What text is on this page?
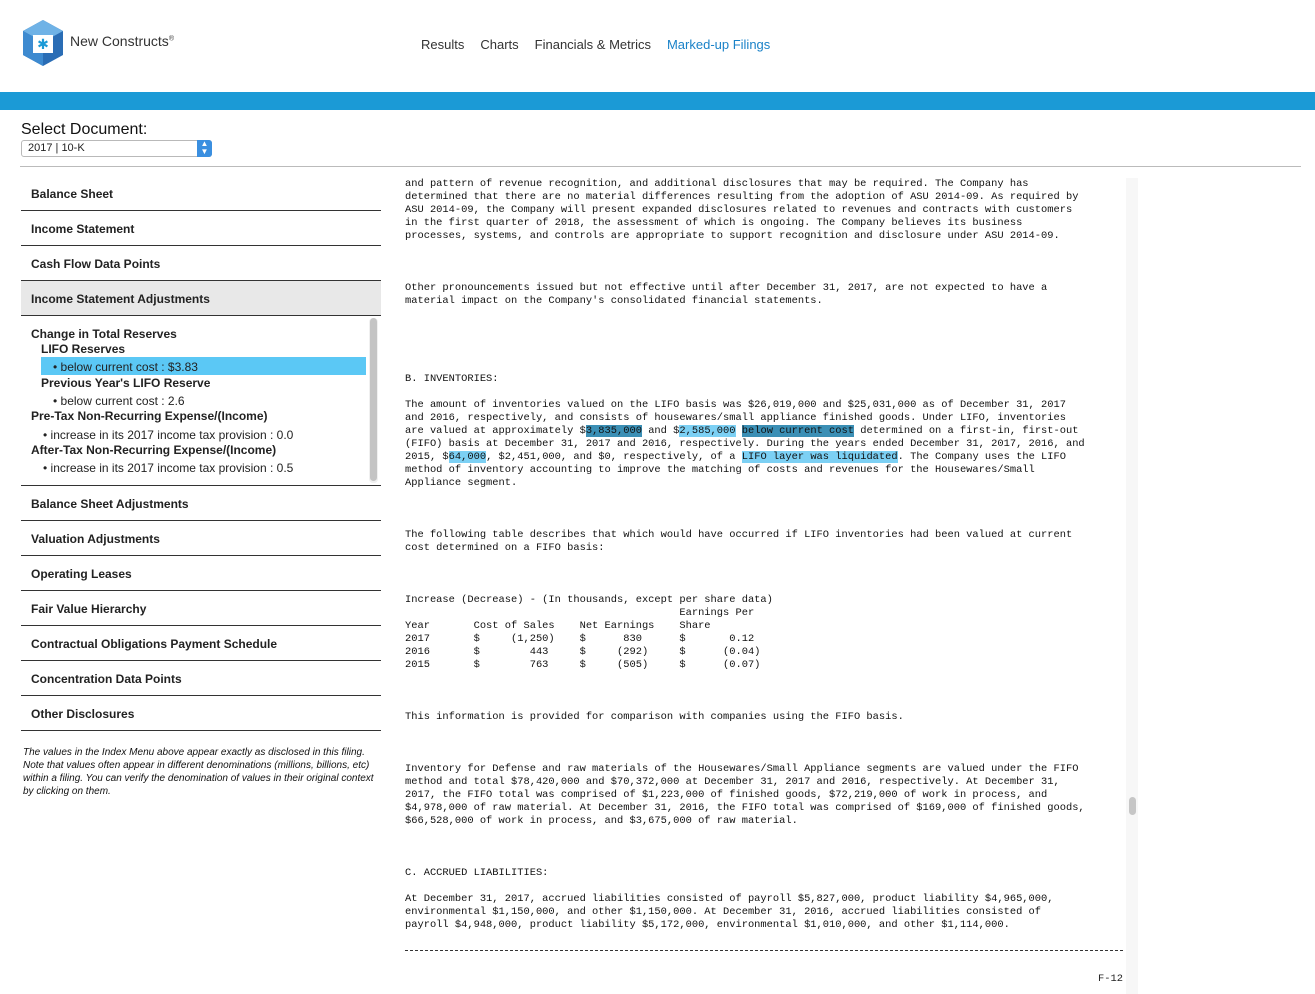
✱ New Constructs®	Results Charts Financials & Metrics Marked-up Filings
Select Document:
2017 | 10-K	▲
▼
Balance Sheet
Income Statement
Cash Flow Data Points
Income Statement Adjustments
Change in Total Reserves
LIFO Reserves
• below current cost : $3.83
Previous Year's LIFO Reserve
• below current cost : 2.6
Pre-Tax Non-Recurring Expense/(Income)
• increase in its 2017 income tax provision : 0.0
After-Tax Non-Recurring Expense/(Income)
• increase in its 2017 income tax provision : 0.5
Balance Sheet Adjustments
Valuation Adjustments
Operating Leases
Fair Value Hierarchy
Contractual Obligations Payment Schedule
Concentration Data Points
Other Disclosures
The values in the Index Menu above appear exactly as disclosed in this filing. Note that values often appear in different denominations (millions, billions, etc) within a filing. You can verify the denomination of values in their original context by clicking on them.

and pattern of revenue recognition, and additional disclosures that may be required. The Company has

determined that there are no material differences resulting from the adoption of ASU 2014-09. As required by

ASU 2014-09, the Company will present expanded disclosures related to revenues and contracts with customers

in the first quarter of 2018, the assessment of which is ongoing. The Company believes its business

processes, systems, and controls are appropriate to support recognition and disclosure under ASU 2014-09.

Other pronouncements issued but not effective until after December 31, 2017, are not expected to have a

material impact on the Company's consolidated financial statements.

B. INVENTORIES:

The amount of inventories valued on the LIFO basis was $26,019,000 and $25,031,000 as of December 31, 2017

and 2016, respectively, and consists of housewares/small appliance finished goods. Under LIFO, inventories

are valued at approximately $3,835,000 and $2,585,000 below current cost determined on a first-in, first-out

(FIFO) basis at December 31, 2017 and 2016, respectively. During the years ended December 31, 2017, 2016, and

2015, $64,000, $2,451,000, and $0, respectively, of a LIFO layer was liquidated. The Company uses the LIFO

method of inventory accounting to improve the matching of costs and revenues for the Housewares/Small

Appliance segment.

The following table describes that which would have occurred if LIFO inventories had been valued at current

cost determined on a FIFO basis:

Increase (Decrease) - (In thousands, except per share data)

Earnings Per

Year       Cost of Sales    Net Earnings    Share

2017       $     (1,250)    $      830      $       0.12

2016       $        443     $     (292)     $      (0.04)

2015       $        763     $     (505)     $      (0.07)

This information is provided for comparison with companies using the FIFO basis.

Inventory for Defense and raw materials of the Housewares/Small Appliance segments are valued under the FIFO

method and total $78,420,000 and $70,372,000 at December 31, 2017 and 2016, respectively. At December 31,

2017, the FIFO total was comprised of $1,223,000 of finished goods, $72,219,000 of work in process, and

$4,978,000 of raw material. At December 31, 2016, the FIFO total was comprised of $169,000 of finished goods,

$66,528,000 of work in process, and $3,675,000 of raw material.

C. ACCRUED LIABILITIES:

At December 31, 2017, accrued liabilities consisted of payroll $5,827,000, product liability $4,965,000,

environmental $1,150,000, and other $1,150,000. At December 31, 2016, accrued liabilities consisted of

payroll $4,948,000, product liability $5,172,000, environmental $1,010,000, and other $1,114,000.

F-12
